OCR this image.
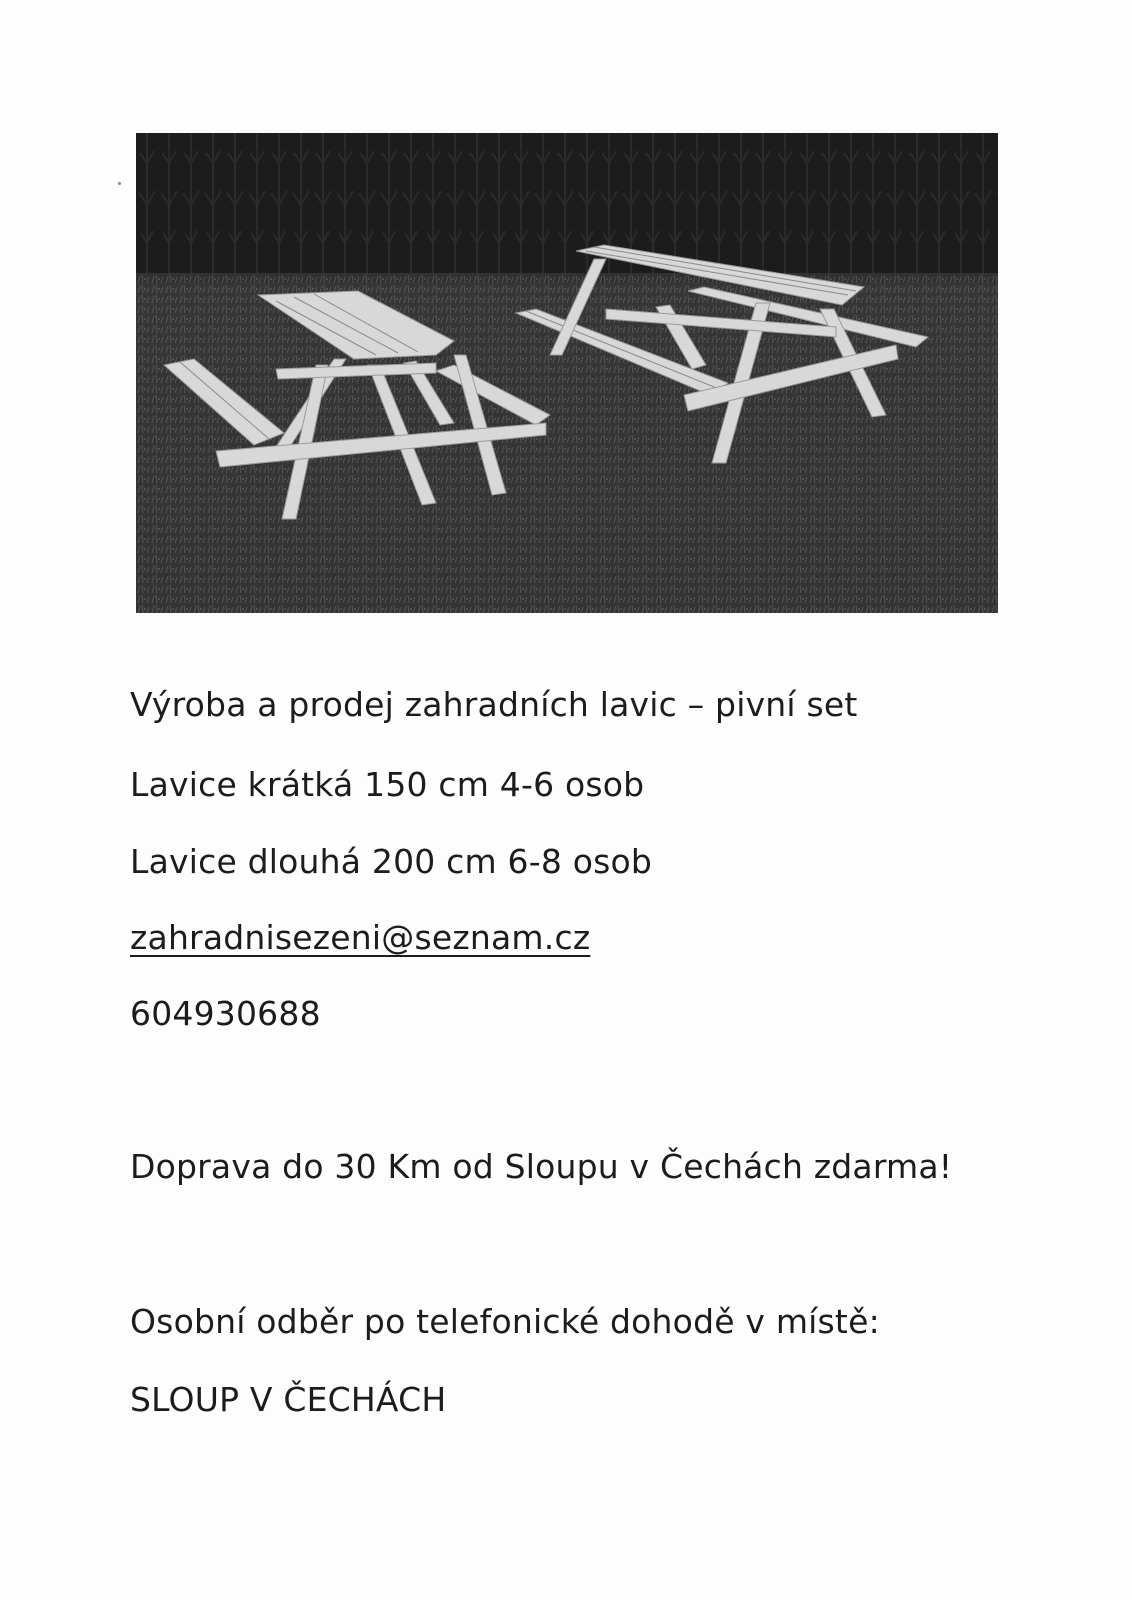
Výroba a prodej zahradních lavic – pivní set
Lavice krátká 150 cm 4-6 osob
Lavice dlouhá 200 cm 6-8 osob
zahradnisezeni@seznam.cz
604930688
Doprava do 30 Km od Sloupu v Čechách zdarma!
Osobní odběr po telefonické dohodě v místě:
SLOUP V ČECHÁCH
